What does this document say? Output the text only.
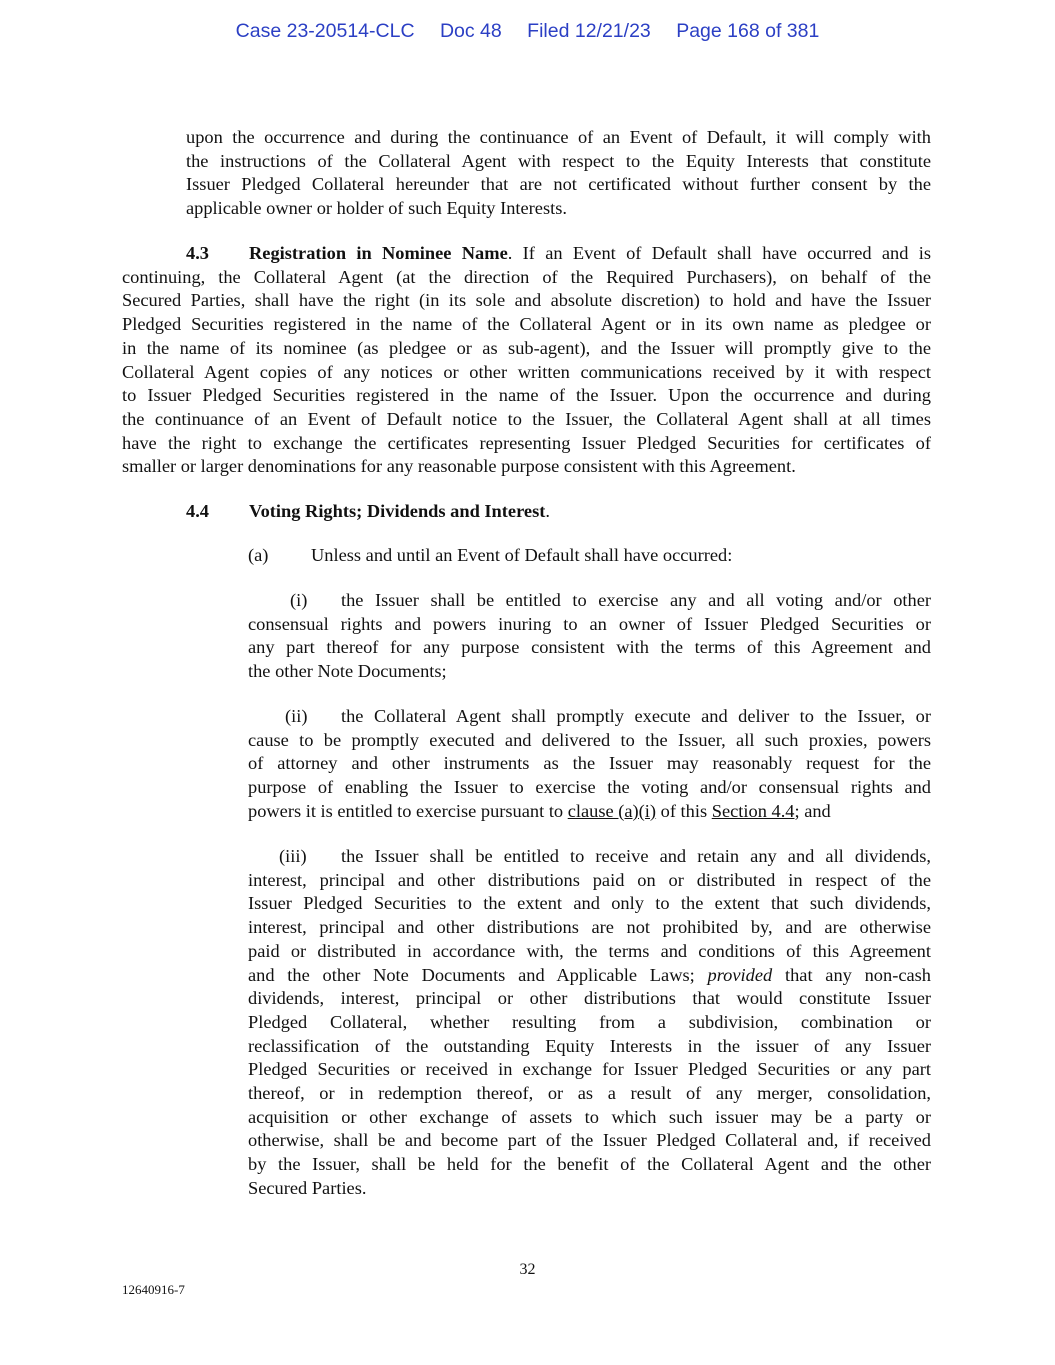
Case 23-20514-CLC Doc 48 Filed 12/21/23 Page 168 of 381
upon the occurrence and during the continuance of an Event of Default, it will comply with
the instructions of the Collateral Agent with respect to the Equity Interests that constitute
Issuer Pledged Collateral hereunder that are not certificated without further consent by the
applicable owner or holder of such Equity Interests.
4.3 Registration in Nominee Name. If an Event of Default shall have occurred and is
continuing, the Collateral Agent (at the direction of the Required Purchasers), on behalf of the
Secured Parties, shall have the right (in its sole and absolute discretion) to hold and have the Issuer
Pledged Securities registered in the name of the Collateral Agent or in its own name as pledgee or
in the name of its nominee (as pledgee or as sub-agent), and the Issuer will promptly give to the
Collateral Agent copies of any notices or other written communications received by it with respect
to Issuer Pledged Securities registered in the name of the Issuer. Upon the occurrence and during
the continuance of an Event of Default notice to the Issuer, the Collateral Agent shall at all times
have the right to exchange the certificates representing Issuer Pledged Securities for certificates of
smaller or larger denominations for any reasonable purpose consistent with this Agreement.
4.4 Voting Rights; Dividends and Interest.
(a) Unless and until an Event of Default shall have occurred:
(i) the Issuer shall be entitled to exercise any and all voting and/or other
consensual rights and powers inuring to an owner of Issuer Pledged Securities or
any part thereof for any purpose consistent with the terms of this Agreement and
the other Note Documents;
(ii) the Collateral Agent shall promptly execute and deliver to the Issuer, or
cause to be promptly executed and delivered to the Issuer, all such proxies, powers
of attorney and other instruments as the Issuer may reasonably request for the
purpose of enabling the Issuer to exercise the voting and/or consensual rights and
powers it is entitled to exercise pursuant to clause (a)(i) of this Section 4.4; and
(iii) the Issuer shall be entitled to receive and retain any and all dividends,
interest, principal and other distributions paid on or distributed in respect of the
Issuer Pledged Securities to the extent and only to the extent that such dividends,
interest, principal and other distributions are not prohibited by, and are otherwise
paid or distributed in accordance with, the terms and conditions of this Agreement
and the other Note Documents and Applicable Laws; provided that any non-cash
dividends, interest, principal or other distributions that would constitute Issuer
Pledged Collateral, whether resulting from a subdivision, combination or
reclassification of the outstanding Equity Interests in the issuer of any Issuer
Pledged Securities or received in exchange for Issuer Pledged Securities or any part
thereof, or in redemption thereof, or as a result of any merger, consolidation,
acquisition or other exchange of assets to which such issuer may be a party or
otherwise, shall be and become part of the Issuer Pledged Collateral and, if received
by the Issuer, shall be held for the benefit of the Collateral Agent and the other
Secured Parties.
32
12640916-7
